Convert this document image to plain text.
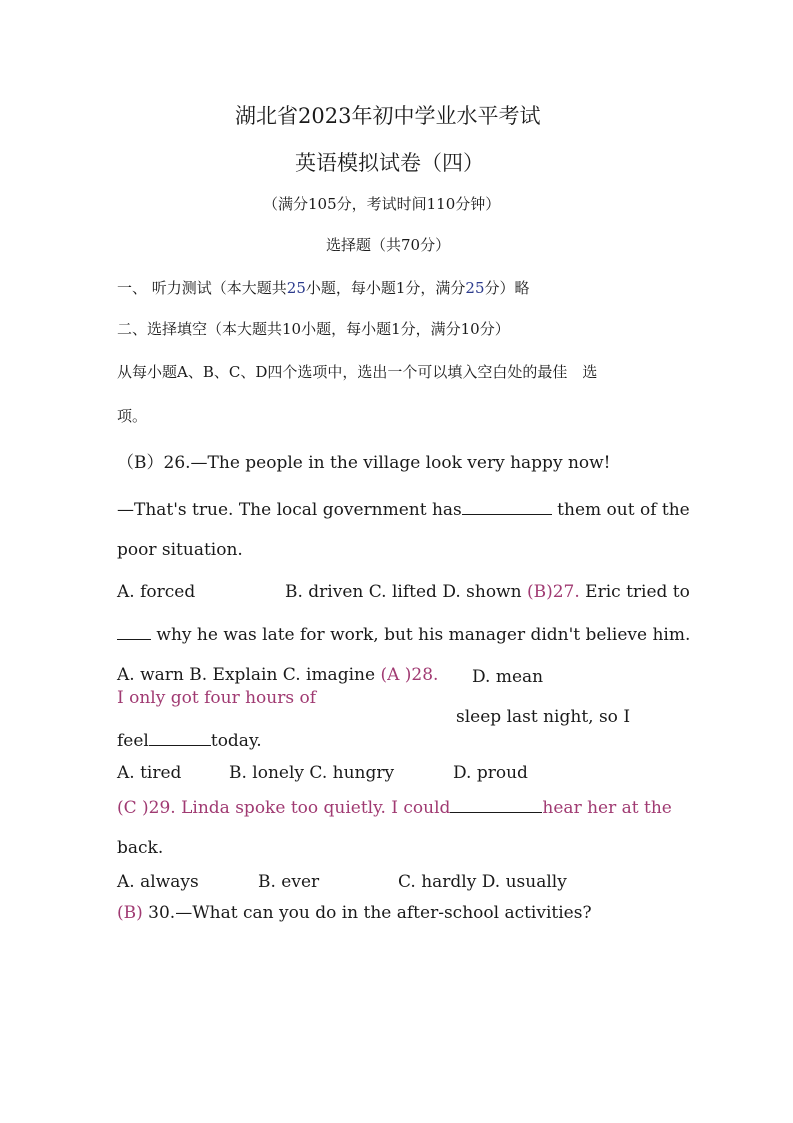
湖北省2023年初中学业水平考试
英语模拟试卷（四）
（满分105分，考试时间110分钟）
选择题（共70分）
一、 听力测试（本大题共25小题，每小题1分，满分25分）略
二、选择填空（本大题共10小题，每小题1分，满分10分）
从每小题A、B、C、D四个选项中，选出一个可以填入空白处的最佳　选
项。
（B）26.—The people in the village look very happy now!
—That's true. The local government has	them out of the
poor situation.
A. forced	B. driven C. lifted D. shown (B)27. Eric tried to
why he was late for work, but his manager didn't believe him.
A. warn B. Explain C. imagine (A )28. D. mean
I only got four hours of
sleep last night, so I
feel	today.
A. tired	B. lonely C. hungry	D. proud
(C )29. Linda spoke too quietly. I could	hear her at the
back.
A. always	B. ever	C. hardly D. usually
(B) 30.—What can you do in the after-school activities?
